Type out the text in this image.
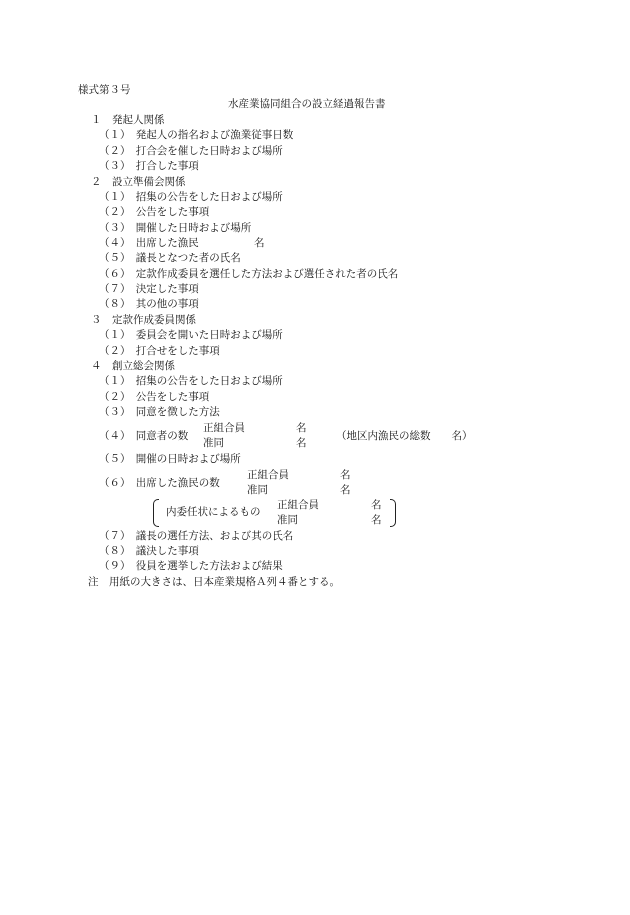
様式第３号
水産業協同組合の設立経過報告書
１　発起人関係
（１）　発起人の指名および漁業従事日数
（２）　打合会を催した日時および場所
（３）　打合した事項
２　設立準備会関係
（１）　招集の公告をした日および場所
（２）　公告をした事項
（３）　開催した日時および場所
（４）　出席した漁民	名
（５）　議長となつた者の氏名
（６）　定款作成委員を選任した方法および選任された者の氏名
（７）　決定した事項
（８）　其の他の事項
３　定款作成委員関係
（１）　委員会を開いた日時および場所
（２）　打合せをした事項
４　創立総会関係
（１）　招集の公告をした日および場所
（２）　公告をした事項
（３）　同意を徴した方法
（４）　同意者の数
正組合員	名
准同	名
（地区内漁民の総数　　名）
（５）　開催の日時および場所
（６）　出席した漁民の数
正組合員	名
准同	名
内委任状によるもの
正組合員	名
准同	名
（７）　議長の選任方法、および其の氏名
（８）　議決した事項
（９）　役員を選挙した方法および結果
注　用紙の大きさは、日本産業規格Ａ列４番とする。
